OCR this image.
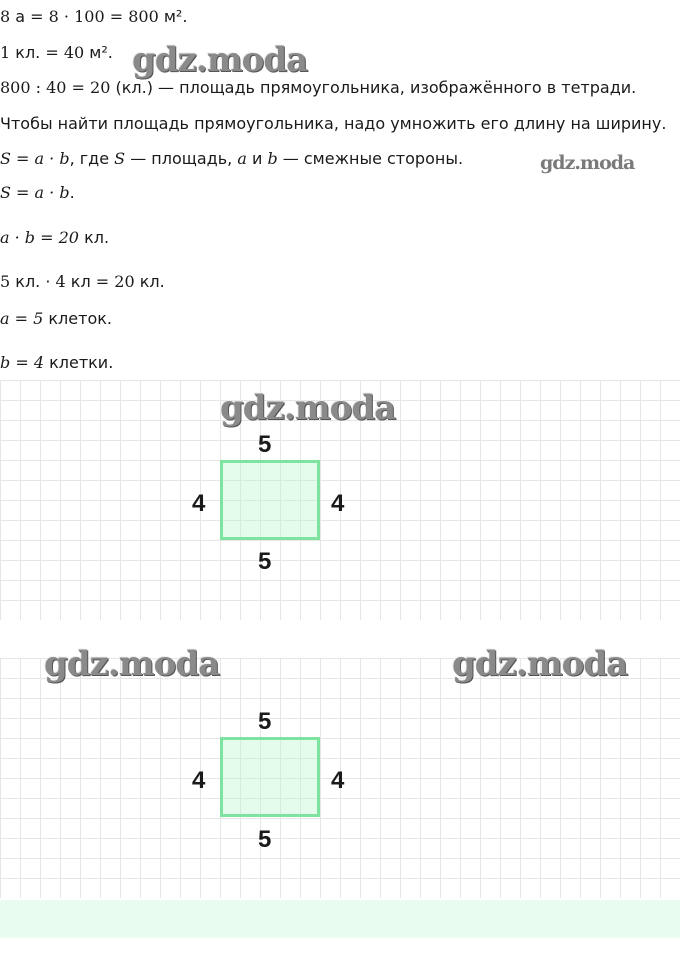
8 а = 8 · 100 = 800 м².
1 кл. = 40 м².
800 : 40 = 20 (кл.) — площадь прямоугольника, изображённого в тетради.
Чтобы найти площадь прямоугольника, надо умножить его длину на ширину.
S = a · b, где S — площадь, a и b — смежные стороны.
S = a · b.
a · b = 20 кл.
5 кл. · 4 кл = 20 кл.
a = 5 клеток.
b = 4 клетки.
gdz.moda
gdz.moda
gdz.moda
5
5
4	4
gdz.moda	gdz.moda
5
5
4	4
